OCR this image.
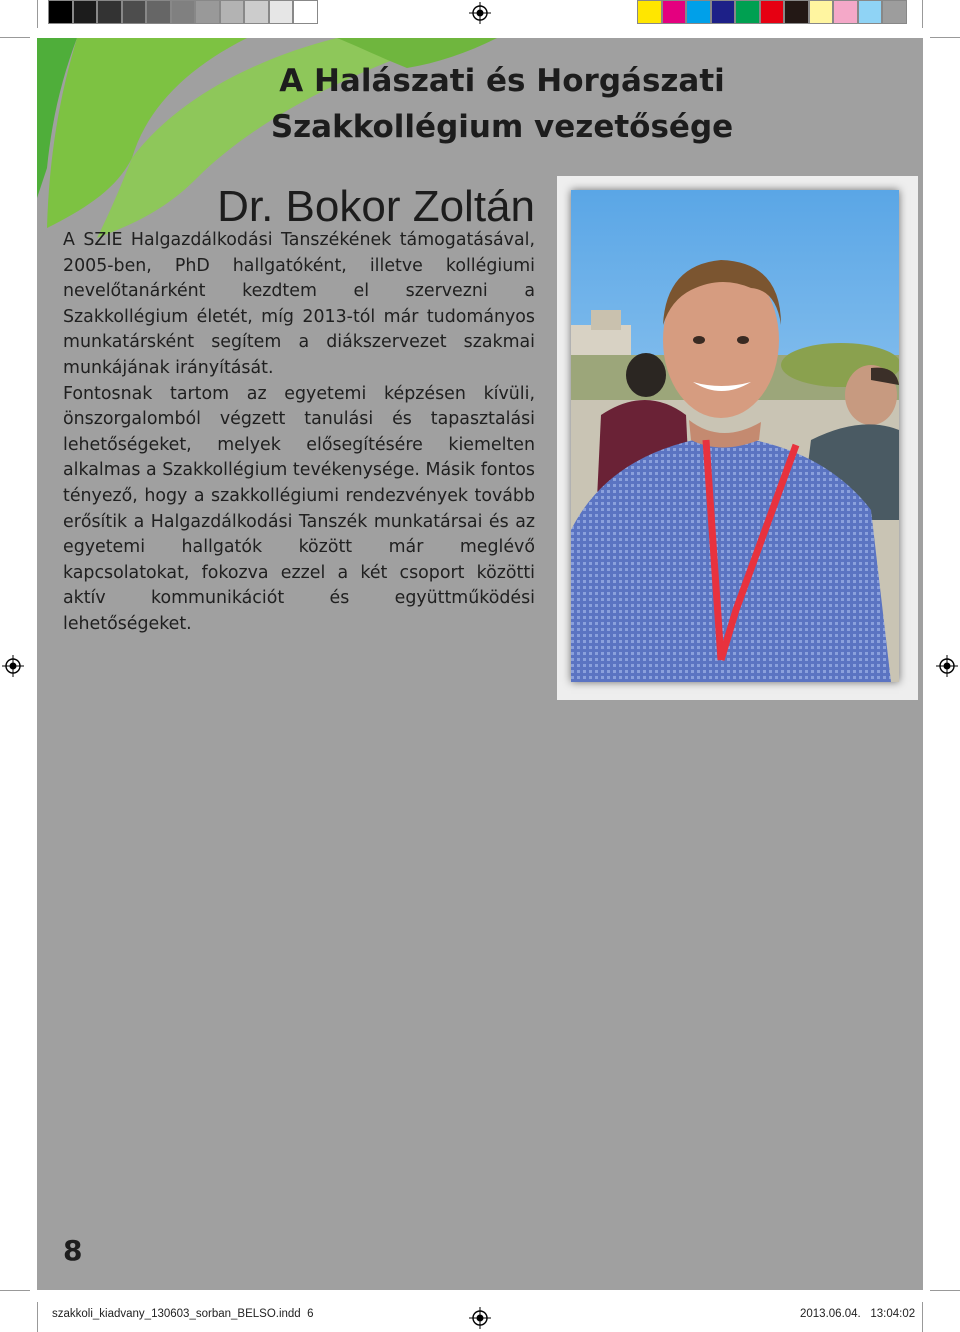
A Halászati és Horgászati
Szakkollégium vezetősége
Dr. Bokor Zoltán

A SZIE Halgazdálkodási Tanszékének támogatásával, 2005-ben, PhD hallgatóként, illetve kollégiumi nevelőtanárként kezdtem el szervezni a Szakkollégium életét, míg 2013-tól már tudományos munkatársként segítem a diákszervezet szakmai munkájának irányítását.

Fontosnak tartom az egyetemi képzésen kívüli, önszorgalomból végzett tanulási és tapasztalási lehetőségeket, melyek elősegítésére kiemelten alkalmas a Szakkollégium tevékenysége. Másik fontos tényező, hogy a szakkollégiumi rendezvények tovább erősítik a Halgazdálkodási Tanszék munkatársai és az egyetemi hallgatók között már meglévő kapcsolatokat, fokozva ezzel a két csoport közötti aktív kommunikációt és együttműködési lehetőségeket.

8
szakkoli_kiadvany_130603_sorban_BELSO.indd 6	2013.06.04. 13:04:02
